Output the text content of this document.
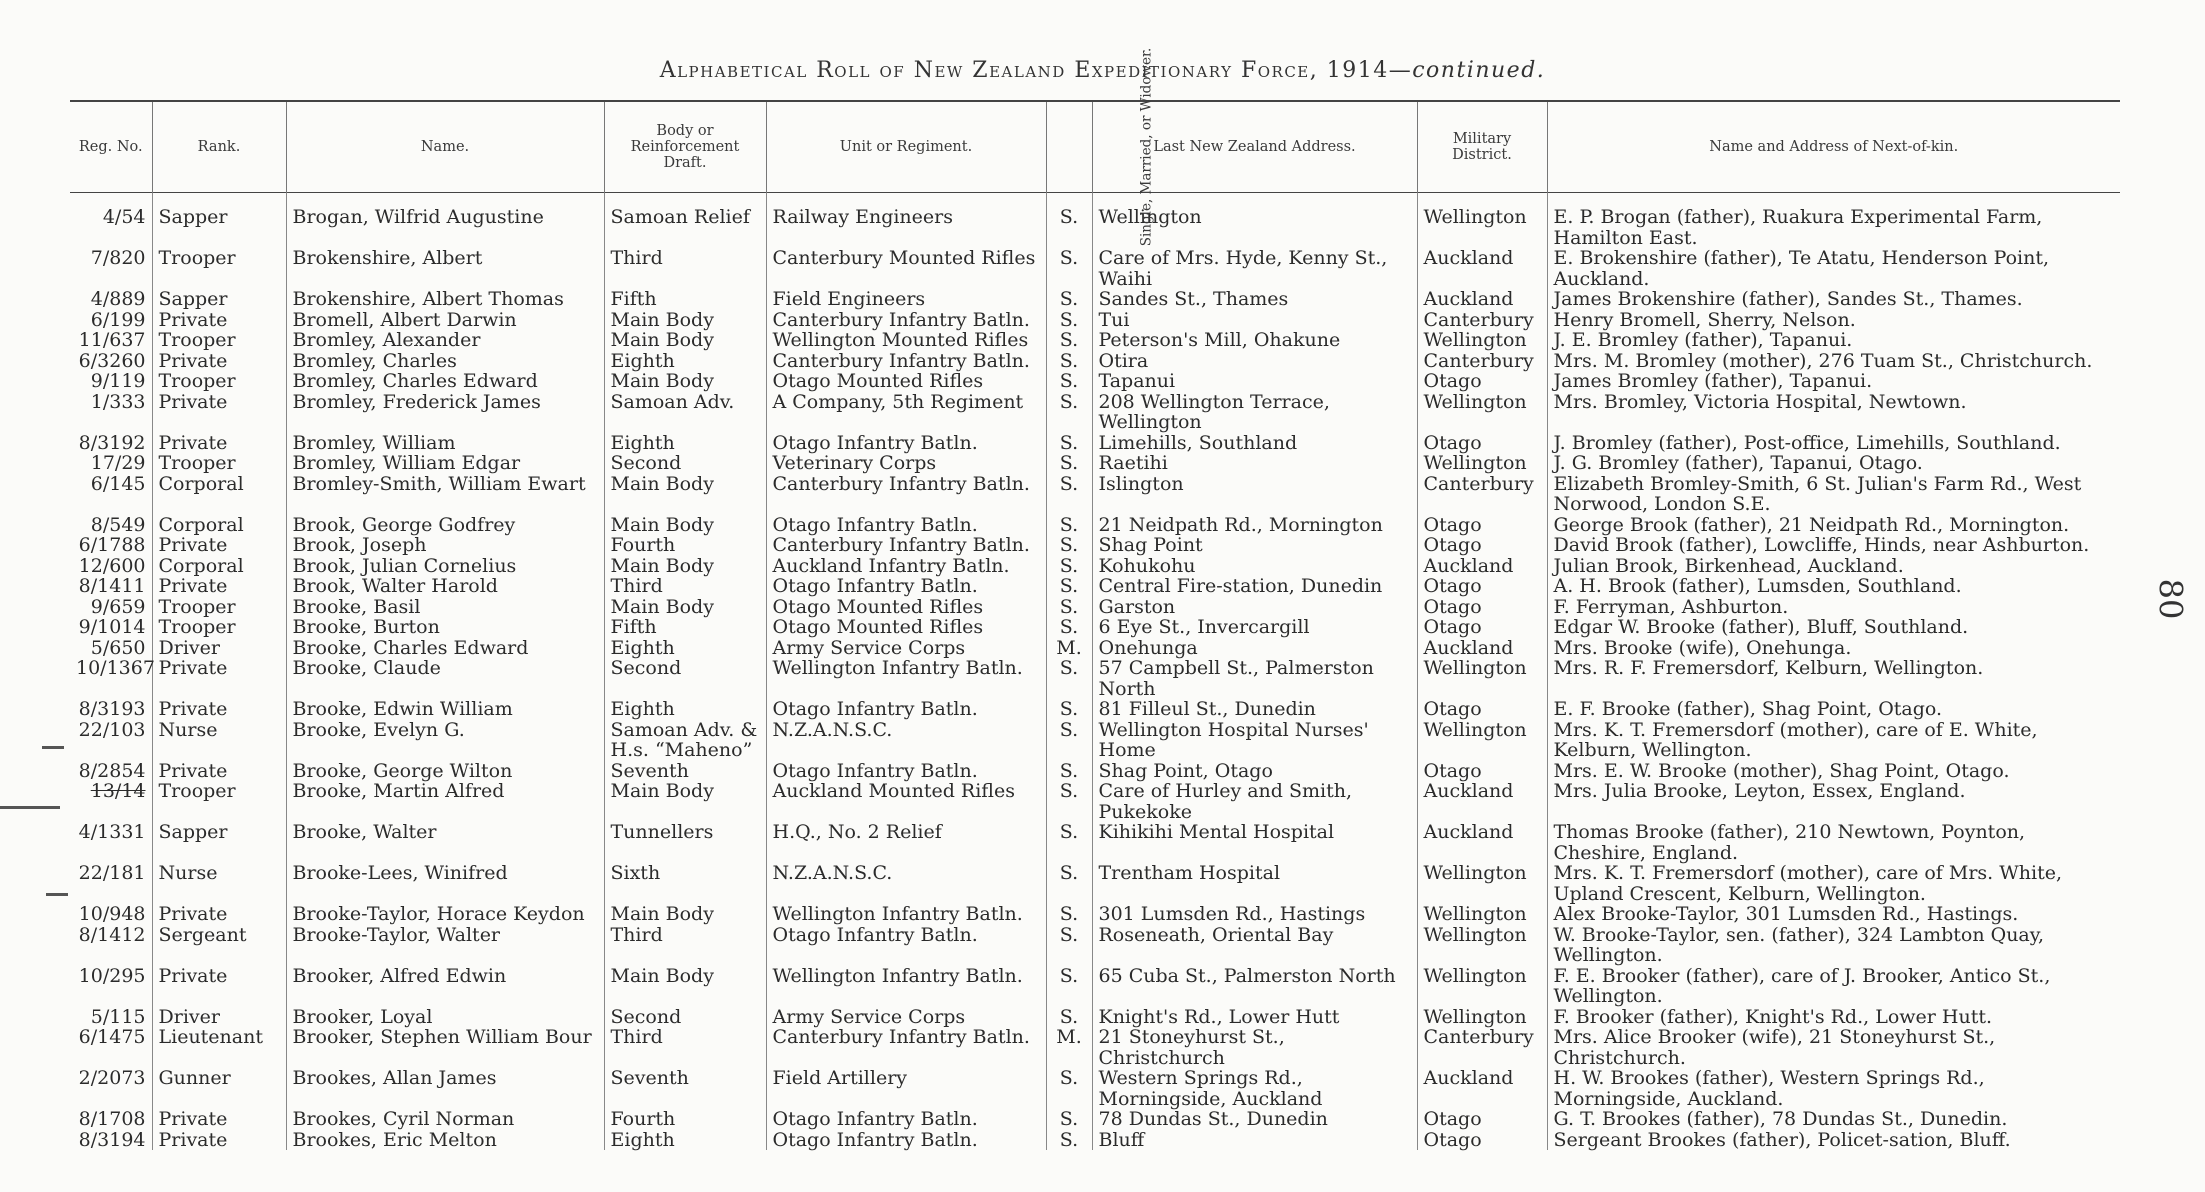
Alphabetical Roll of New Zealand Expeditionary Force, 1914—continued.
80
Reg. No.	Rank.	Name.	Body or Reinforcement Draft.	Unit or Regiment.	Single, Married, or Widower.	Last New Zealand Address.	Military District.	Name and Address of Next-of-kin.
4/54	Sapper	Brogan, Wilfrid Augustine	Samoan Relief	Railway Engineers	S.	Wellington	Wellington	E. P. Brogan (father), Ruakura Experimental Farm, Hamilton East.
7/820	Trooper	Brokenshire, Albert	Third	Canterbury Mounted Rifles	S.	Care of Mrs. Hyde, Kenny St., Waihi	Auckland	E. Brokenshire (father), Te Atatu, Henderson Point, Auckland.
4/889	Sapper	Brokenshire, Albert Thomas	Fifth	Field Engineers	S.	Sandes St., Thames	Auckland	James Brokenshire (father), Sandes St., Thames.
6/199	Private	Bromell, Albert Darwin	Main Body	Canterbury Infantry Batln.	S.	Tui	Canterbury	Henry Bromell, Sherry, Nelson.
11/637	Trooper	Bromley, Alexander	Main Body	Wellington Mounted Rifles	S.	Peterson's Mill, Ohakune	Wellington	J. E. Bromley (father), Tapanui.
6/3260	Private	Bromley, Charles	Eighth	Canterbury Infantry Batln.	S.	Otira	Canterbury	Mrs. M. Bromley (mother), 276 Tuam St., Christchurch.
9/119	Trooper	Bromley, Charles Edward	Main Body	Otago Mounted Rifles	S.	Tapanui	Otago	James Bromley (father), Tapanui.
1/333	Private	Bromley, Frederick James	Samoan Adv.	A Company, 5th Regiment	S.	208 Wellington Terrace, Wellington	Wellington	Mrs. Bromley, Victoria Hospital, Newtown.
8/3192	Private	Bromley, William	Eighth	Otago Infantry Batln.	S.	Limehills, Southland	Otago	J. Bromley (father), Post-office, Limehills, Southland.
17/29	Trooper	Bromley, William Edgar	Second	Veterinary Corps	S.	Raetihi	Wellington	J. G. Bromley (father), Tapanui, Otago.
6/145	Corporal	Bromley-Smith, William Ewart	Main Body	Canterbury Infantry Batln.	S.	Islington	Canterbury	Elizabeth Bromley-Smith, 6 St. Julian's Farm Rd., West Norwood, London S.E.
8/549	Corporal	Brook, George Godfrey	Main Body	Otago Infantry Batln.	S.	21 Neidpath Rd., Mornington	Otago	George Brook (father), 21 Neidpath Rd., Mornington.
6/1788	Private	Brook, Joseph	Fourth	Canterbury Infantry Batln.	S.	Shag Point	Otago	David Brook (father), Lowcliffe, Hinds, near Ashburton.
12/600	Corporal	Brook, Julian Cornelius	Main Body	Auckland Infantry Batln.	S.	Kohukohu	Auckland	Julian Brook, Birkenhead, Auckland.
8/1411	Private	Brook, Walter Harold	Third	Otago Infantry Batln.	S.	Central Fire-station, Dunedin	Otago	A. H. Brook (father), Lumsden, Southland.
9/659	Trooper	Brooke, Basil	Main Body	Otago Mounted Rifles	S.	Garston	Otago	F. Ferryman, Ashburton.
9/1014	Trooper	Brooke, Burton	Fifth	Otago Mounted Rifles	S.	6 Eye St., Invercargill	Otago	Edgar W. Brooke (father), Bluff, Southland.
5/650	Driver	Brooke, Charles Edward	Eighth	Army Service Corps	M.	Onehunga	Auckland	Mrs. Brooke (wife), Onehunga.
10/1367	Private	Brooke, Claude	Second	Wellington Infantry Batln.	S.	57 Campbell St., Palmerston North	Wellington	Mrs. R. F. Fremersdorf, Kelburn, Wellington.
8/3193	Private	Brooke, Edwin William	Eighth	Otago Infantry Batln.	S.	81 Filleul St., Dunedin	Otago	E. F. Brooke (father), Shag Point, Otago.
22/103	Nurse	Brooke, Evelyn G.	Samoan Adv. & H.s. “Maheno”	N.Z.A.N.S.C.	S.	Wellington Hospital Nurses' Home	Wellington	Mrs. K. T. Fremersdorf (mother), care of E. White, Kelburn, Wellington.
8/2854	Private	Brooke, George Wilton	Seventh	Otago Infantry Batln.	S.	Shag Point, Otago	Otago	Mrs. E. W. Brooke (mother), Shag Point, Otago.
13/14	Trooper	Brooke, Martin Alfred	Main Body	Auckland Mounted Rifles	S.	Care of Hurley and Smith, Pukekoke	Auckland	Mrs. Julia Brooke, Leyton, Essex, England.
4/1331	Sapper	Brooke, Walter	Tunnellers	H.Q., No. 2 Relief	S.	Kihikihi Mental Hospital	Auckland	Thomas Brooke (father), 210 Newtown, Poynton, Cheshire, England.
22/181	Nurse	Brooke-Lees, Winifred	Sixth	N.Z.A.N.S.C.	S.	Trentham Hospital	Wellington	Mrs. K. T. Fremersdorf (mother), care of Mrs. White, Upland Crescent, Kelburn, Wellington.
10/948	Private	Brooke-Taylor, Horace Keydon	Main Body	Wellington Infantry Batln.	S.	301 Lumsden Rd., Hastings	Wellington	Alex Brooke-Taylor, 301 Lumsden Rd., Hastings.
8/1412	Sergeant	Brooke-Taylor, Walter	Third	Otago Infantry Batln.	S.	Roseneath, Oriental Bay	Wellington	W. Brooke-Taylor, sen. (father), 324 Lambton Quay, Wellington.
10/295	Private	Brooker, Alfred Edwin	Main Body	Wellington Infantry Batln.	S.	65 Cuba St., Palmerston North	Wellington	F. E. Brooker (father), care of J. Brooker, Antico St., Wellington.
5/115	Driver	Brooker, Loyal	Second	Army Service Corps	S.	Knight's Rd., Lower Hutt	Wellington	F. Brooker (father), Knight's Rd., Lower Hutt.
6/1475	Lieutenant	Brooker, Stephen William Bour	Third	Canterbury Infantry Batln.	M.	21 Stoneyhurst St., Christchurch	Canterbury	Mrs. Alice Brooker (wife), 21 Stoneyhurst St., Christchurch.
2/2073	Gunner	Brookes, Allan James	Seventh	Field Artillery	S.	Western Springs Rd., Morningside, Auckland	Auckland	H. W. Brookes (father), Western Springs Rd., Morningside, Auckland.
8/1708	Private	Brookes, Cyril Norman	Fourth	Otago Infantry Batln.	S.	78 Dundas St., Dunedin	Otago	G. T. Brookes (father), 78 Dundas St., Dunedin.
8/3194	Private	Brookes, Eric Melton	Eighth	Otago Infantry Batln.	S.	Bluff	Otago	Sergeant Brookes (father), Policet-sation, Bluff.
